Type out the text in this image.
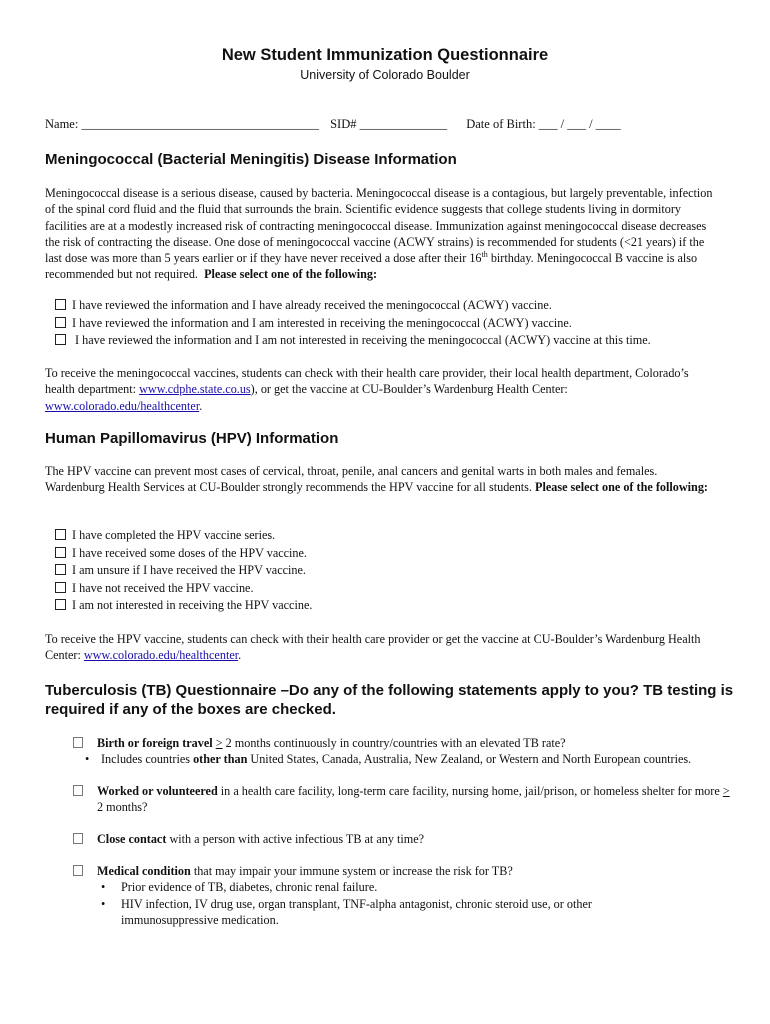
New Student Immunization Questionnaire
University of Colorado Boulder
Name: ______________________________________ SID# ______________ Date of Birth: ___ / ___ / ____
Meningococcal (Bacterial Meningitis) Disease Information

Meningococcal disease is a serious disease, caused by bacteria. Meningococcal disease is a contagious, but largely preventable, infection of the spinal cord fluid and the fluid that surrounds the brain. Scientific evidence suggests that college students living in dormitory facilities are at a modestly increased risk of contracting meningococcal disease. Immunization against meningococcal disease decreases the risk of contracting the disease. One dose of meningococcal vaccine (ACWY strains) is recommended for students (<21 years) if the last dose was more than 5 years earlier or if they have never received a dose after their 16th birthday. Meningococcal B vaccine is also recommended but not required. Please select one of the following:

I have reviewed the information and I have already received the meningococcal (ACWY) vaccine.
I have reviewed the information and I am interested in receiving the meningococcal (ACWY) vaccine.
I have reviewed the information and I am not interested in receiving the meningococcal (ACWY) vaccine at this time.

To receive the meningococcal vaccines, students can check with their health care provider, their local health department, Colorado’s health department: www.cdphe.state.co.us), or get the vaccine at CU-Boulder’s Wardenburg Health Center: www.colorado.edu/healthcenter.

Human Papillomavirus (HPV) Information

The HPV vaccine can prevent most cases of cervical, throat, penile, anal cancers and genital warts in both males and females. Wardenburg Health Services at CU-Boulder strongly recommends the HPV vaccine for all students. Please select one of the following:

I have completed the HPV vaccine series.
I have received some doses of the HPV vaccine.
I am unsure if I have received the HPV vaccine.
I have not received the HPV vaccine.
I am not interested in receiving the HPV vaccine.

To receive the HPV vaccine, students can check with their health care provider or get the vaccine at CU-Boulder’s Wardenburg Health Center: www.colorado.edu/healthcenter.

Tuberculosis (TB) Questionnaire –Do any of the following statements apply to you? TB testing is required if any of the boxes are checked.
Birth or foreign travel > 2 months continuously in country/countries with an elevated TB rate?
• Includes countries other than United States, Canada, Australia, New Zealand, or Western and North European countries.
Worked or volunteered in a health care facility, long-term care facility, nursing home, jail/prison, or homeless shelter for more > 2 months?
Close contact with a person with active infectious TB at any time?
Medical condition that may impair your immune system or increase the risk for TB?
• Prior evidence of TB, diabetes, chronic renal failure.
• HIV infection, IV drug use, organ transplant, TNF-alpha antagonist, chronic steroid use, or other immunosuppressive medication.
